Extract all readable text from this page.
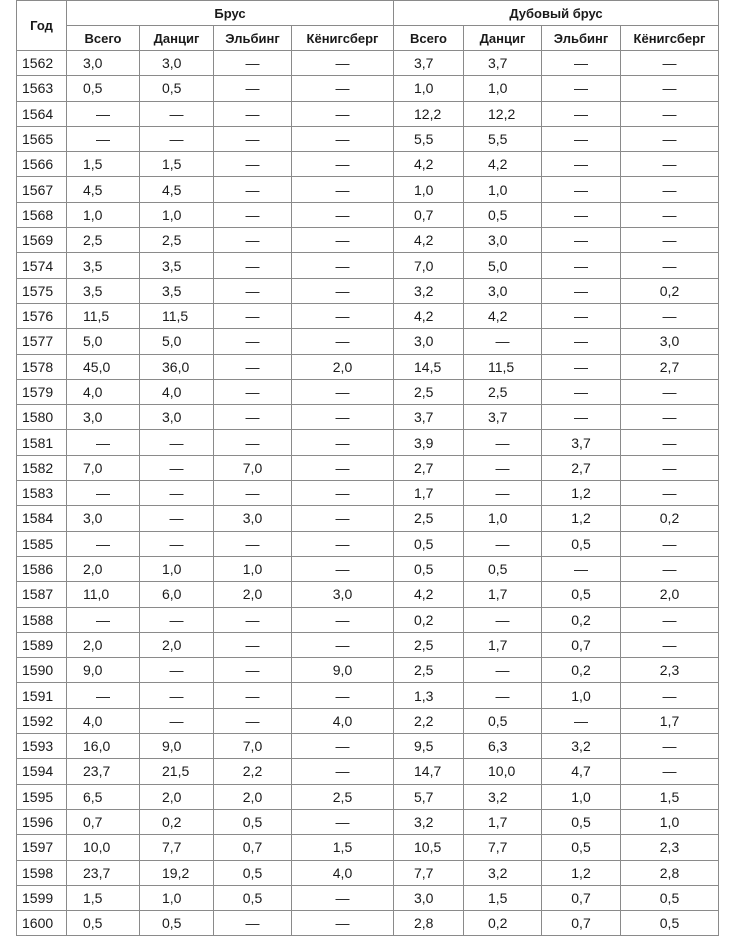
Год	Брус				Дубовый брус			
	Всего	Данциг	Эльбинг	Кёнигсберг	Всего	Данциг	Эльбинг	Кёнигсберг
1562	3,0	3,0	—	—	3,7	3,7	—	—
1563	0,5	0,5	—	—	1,0	1,0	—	—
1564	—	—	—	—	12,2	12,2	—	—
1565	—	—	—	—	5,5	5,5	—	—
1566	1,5	1,5	—	—	4,2	4,2	—	—
1567	4,5	4,5	—	—	1,0	1,0	—	—
1568	1,0	1,0	—	—	0,7	0,5	—	—
1569	2,5	2,5	—	—	4,2	3,0	—	—
1574	3,5	3,5	—	—	7,0	5,0	—	—
1575	3,5	3,5	—	—	3,2	3,0	—	0,2
1576	11,5	11,5	—	—	4,2	4,2	—	—
1577	5,0	5,0	—	—	3,0	—	—	3,0
1578	45,0	36,0	—	2,0	14,5	11,5	—	2,7
1579	4,0	4,0	—	—	2,5	2,5	—	—
1580	3,0	3,0	—	—	3,7	3,7	—	—
1581	—	—	—	—	3,9	—	3,7	—
1582	7,0	—	7,0	—	2,7	—	2,7	—
1583	—	—	—	—	1,7	—	1,2	—
1584	3,0	—	3,0	—	2,5	1,0	1,2	0,2
1585	—	—	—	—	0,5	—	0,5	—
1586	2,0	1,0	1,0	—	0,5	0,5	—	—
1587	11,0	6,0	2,0	3,0	4,2	1,7	0,5	2,0
1588	—	—	—	—	0,2	—	0,2	—
1589	2,0	2,0	—	—	2,5	1,7	0,7	—
1590	9,0	—	—	9,0	2,5	—	0,2	2,3
1591	—	—	—	—	1,3	—	1,0	—
1592	4,0	—	—	4,0	2,2	0,5	—	1,7
1593	16,0	9,0	7,0	—	9,5	6,3	3,2	—
1594	23,7	21,5	2,2	—	14,7	10,0	4,7	—
1595	6,5	2,0	2,0	2,5	5,7	3,2	1,0	1,5
1596	0,7	0,2	0,5	—	3,2	1,7	0,5	1,0
1597	10,0	7,7	0,7	1,5	10,5	7,7	0,5	2,3
1598	23,7	19,2	0,5	4,0	7,7	3,2	1,2	2,8
1599	1,5	1,0	0,5	—	3,0	1,5	0,7	0,5
1600	0,5	0,5	—	—	2,8	0,2	0,7	0,5
